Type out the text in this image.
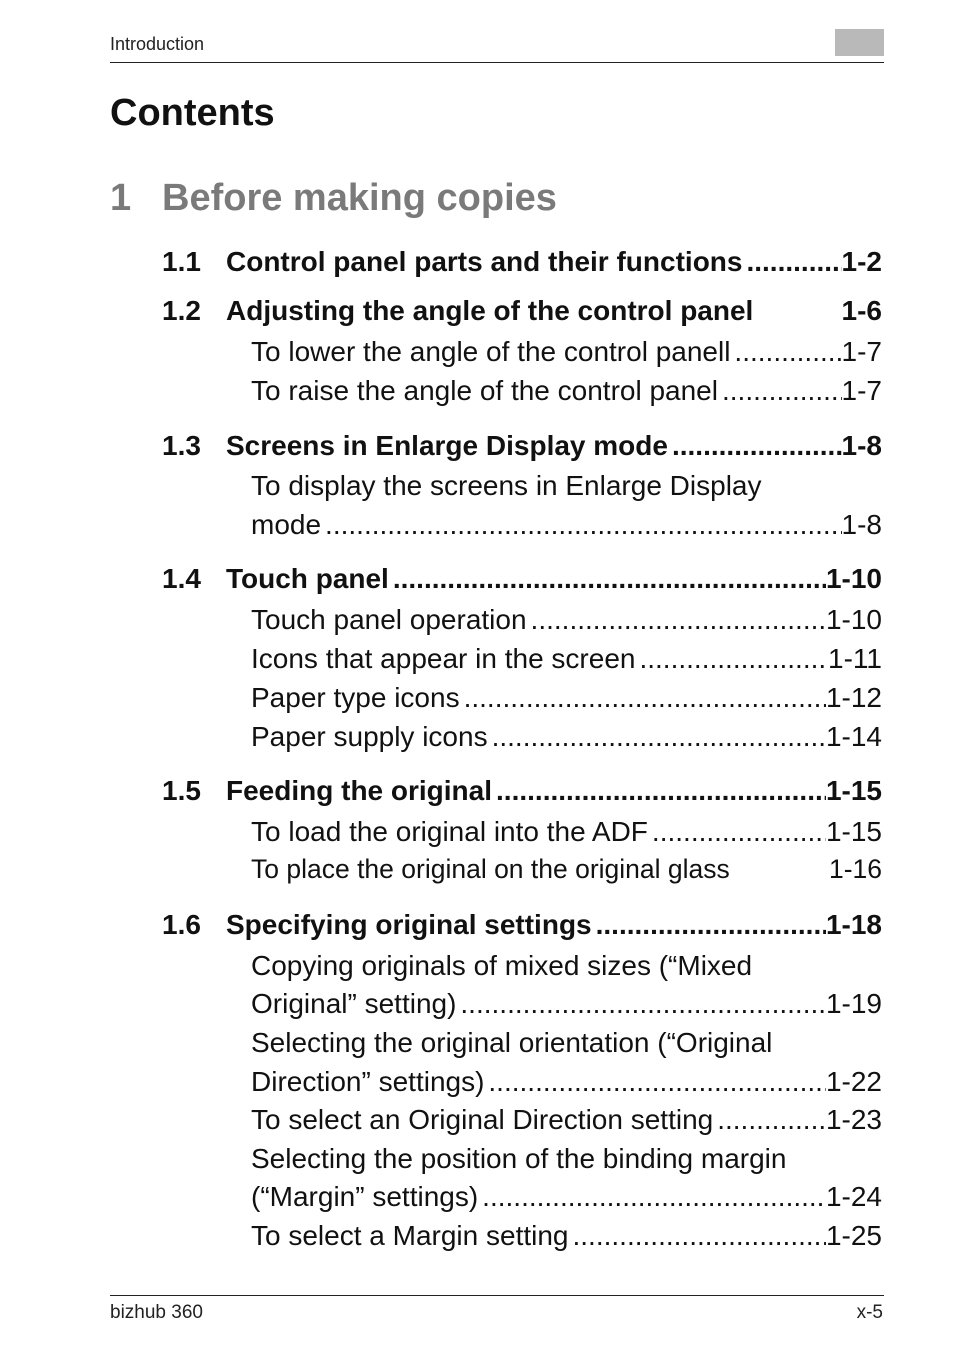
Introduction
Contents
1 Before making copies
1.1 Control panel parts and their functions .....	1-2
1.2 Adjusting the angle of the control panel	1-6
To lower the angle of the control panell .....	1-7
To raise the angle of the control panel .....	1-7
1.3 Screens in Enlarge Display mode .....	1-8
To display the screens in Enlarge Display
mode .....	1-8
1.4 Touch panel .....	1-10
Touch panel operation .....	1-10
Icons that appear in the screen .....	1-11
Paper type icons .....	1-12
Paper supply icons .....	1-14
1.5 Feeding the original .....	1-15
To load the original into the ADF .....	1-15
To place the original on the original glass	1-16
1.6 Specifying original settings .....	1-18
Copying originals of mixed sizes (“Mixed
Original” setting) .....	1-19
Selecting the original orientation (“Original
Direction” settings) .....	1-22
To select an Original Direction setting .....	1-23
Selecting the position of the binding margin
(“Margin” settings) .....	1-24
To select a Margin setting .....	1-25
bizhub 360	x-5
